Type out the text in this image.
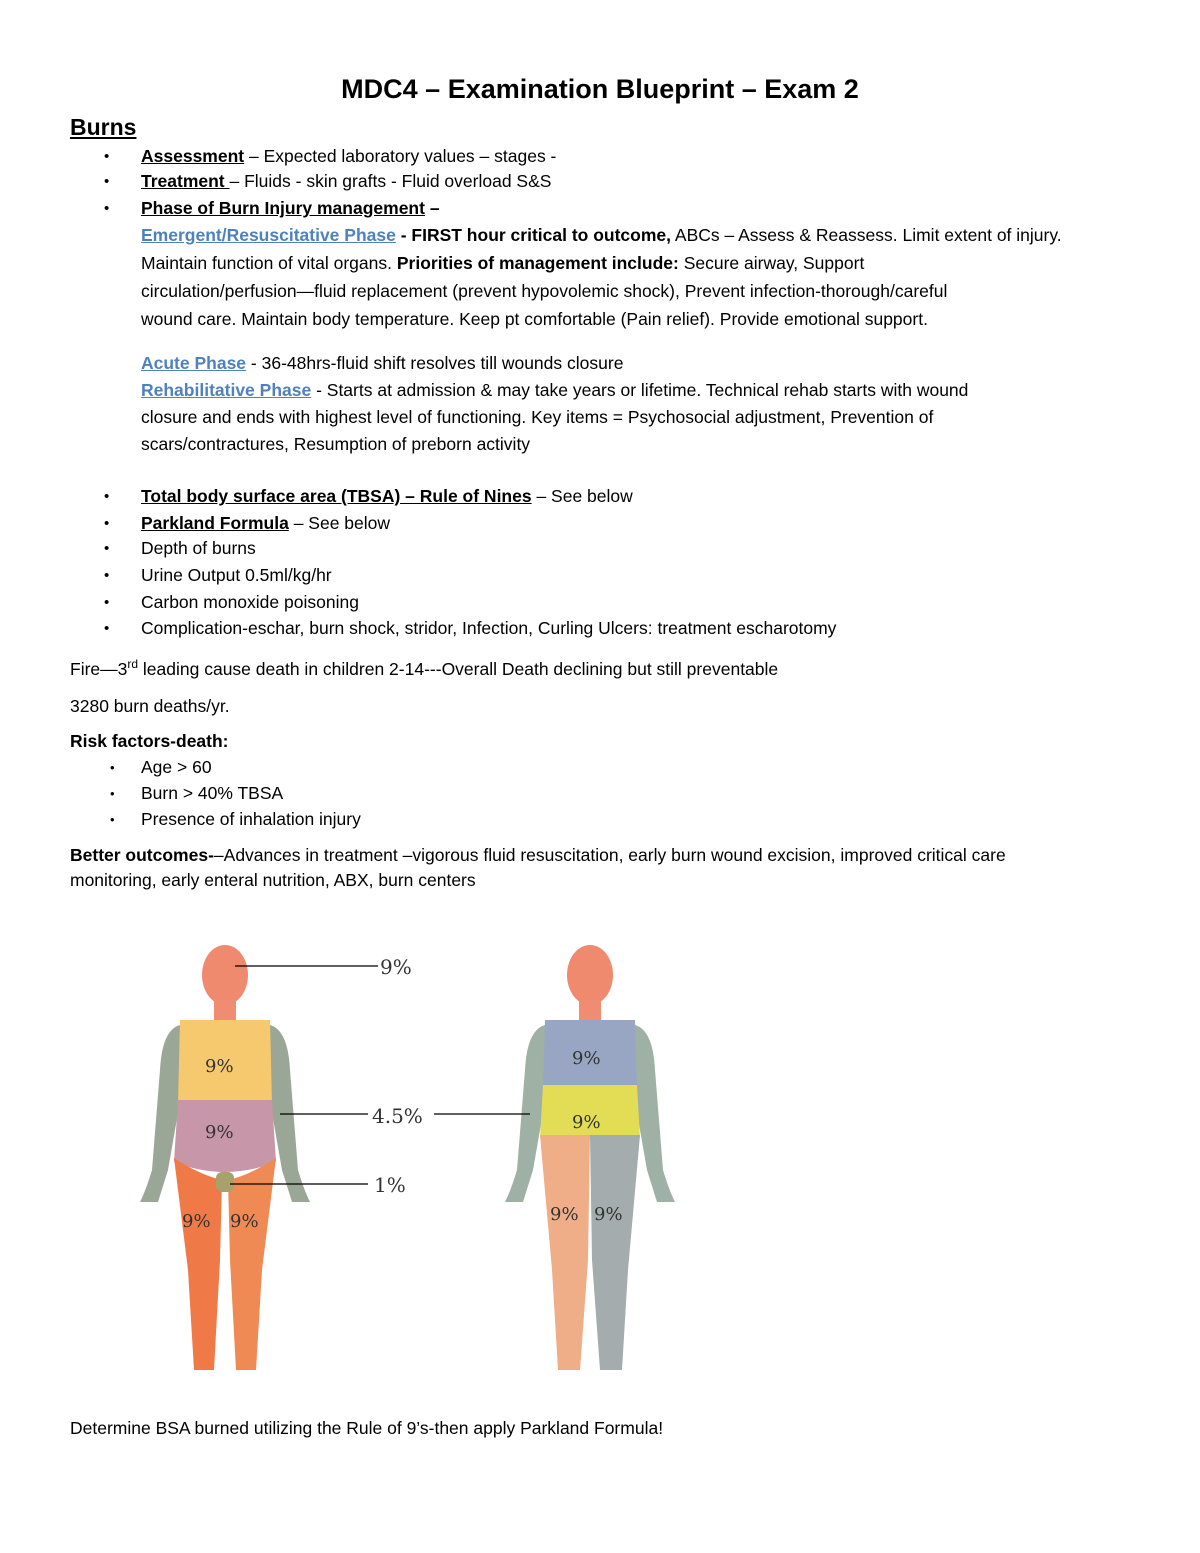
MDC4 – Examination Blueprint – Exam 2
Burns
• Assessment – Expected laboratory values – stages -
• Treatment – Fluids - skin grafts - Fluid overload S&S
• Phase of Burn Injury management –
Emergent/Resuscitative Phase - FIRST hour critical to outcome, ABCs – Assess & Reassess. Limit extent of injury.
Maintain function of vital organs. Priorities of management include: Secure airway, Support
circulation/perfusion—fluid replacement (prevent hypovolemic shock), Prevent infection-thorough/careful
wound care. Maintain body temperature. Keep pt comfortable (Pain relief). Provide emotional support.
Acute Phase - 36-48hrs-fluid shift resolves till wounds closure
Rehabilitative Phase - Starts at admission & may take years or lifetime. Technical rehab starts with wound
closure and ends with highest level of functioning. Key items = Psychosocial adjustment, Prevention of
scars/contractures, Resumption of preborn activity
• Total body surface area (TBSA) – Rule of Nines – See below
• Parkland Formula – See below
• Depth of burns
• Urine Output 0.5ml/kg/hr
• Carbon monoxide poisoning
• Complication-eschar, burn shock, stridor, Infection, Curling Ulcers: treatment escharotomy
Fire—3rd leading cause death in children 2-14---Overall Death declining but still preventable
3280 burn deaths/yr.
Risk factors-death:
• Age > 60
• Burn > 40% TBSA
• Presence of inhalation injury
Better outcomes-–Advances in treatment –vigorous fluid resuscitation, early burn wound excision, improved critical care
monitoring, early enteral nutrition, ABX, burn centers
9%
9%
9% 9%
9%
9%
9% 9%
9%
4.5%
1%
Determine BSA burned utilizing the Rule of 9’s-then apply Parkland Formula!
